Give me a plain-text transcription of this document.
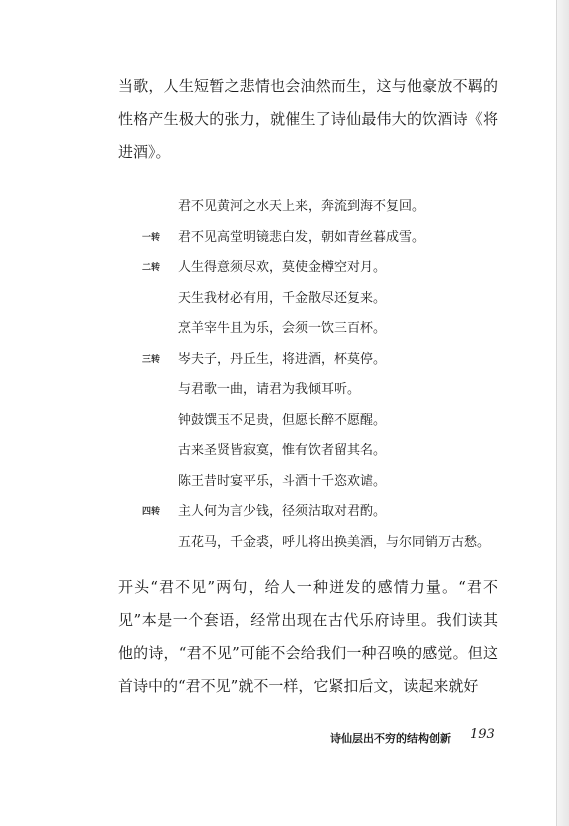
当歌，人生短暂之悲情也会油然而生，这与他豪放不羁的性格产生极大的张力，就催生了诗仙最伟大的饮酒诗《将进酒》。

君不见黄河之水天上来，奔流到海不复回。
一转 君不见高堂明镜悲白发，朝如青丝暮成雪。
二转 人生得意须尽欢，莫使金樽空对月。
天生我材必有用，千金散尽还复来。
烹羊宰牛且为乐，会须一饮三百杯。
三转 岑夫子，丹丘生，将进酒，杯莫停。
与君歌一曲，请君为我倾耳听。
钟鼓馔玉不足贵，但愿长醉不愿醒。
古来圣贤皆寂寞，惟有饮者留其名。
陈王昔时宴平乐，斗酒十千恣欢谑。
四转 主人何为言少钱，径须沽取对君酌。
五花马，千金裘，呼儿将出换美酒，与尔同销万古愁。

开头“君不见”两句，给人一种迸发的感情力量。“君不见”本是一个套语，经常出现在古代乐府诗里。我们读其他的诗，“君不见”可能不会给我们一种召唤的感觉。但这首诗中的“君不见”就不一样，它紧扣后文，读起来就好

诗仙层出不穷的结构创新 193
